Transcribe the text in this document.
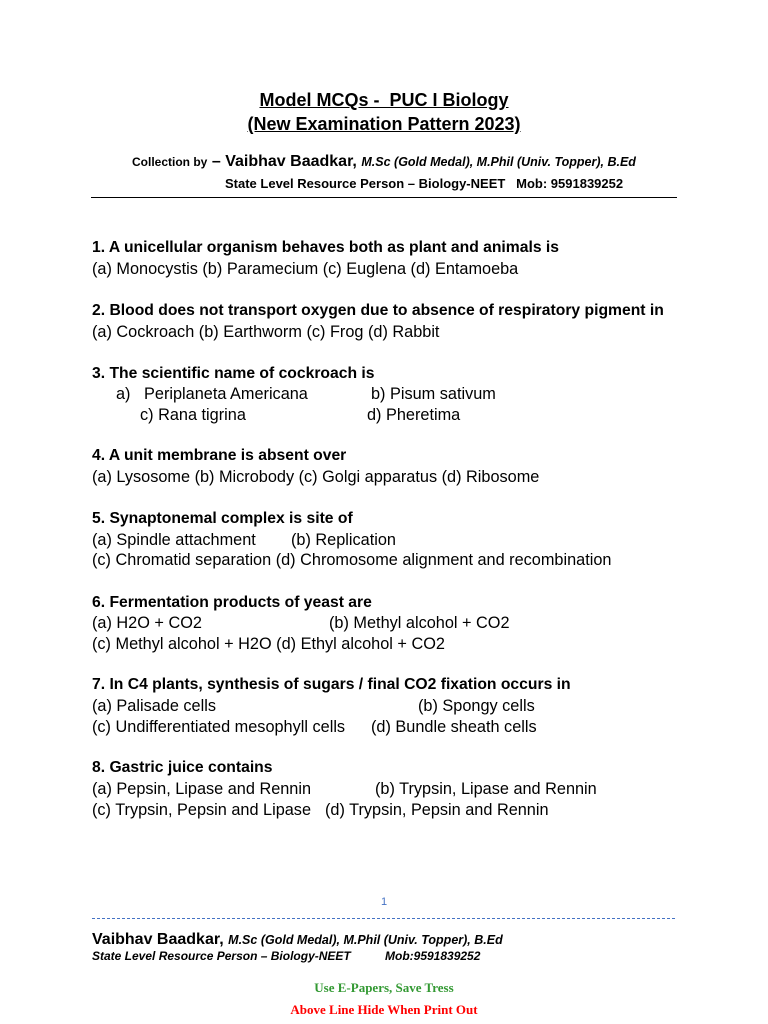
Model MCQs -  PUC I Biology
(New Examination Pattern 2023)
Collection by – Vaibhav Baadkar, M.Sc (Gold Medal), M.Phil (Univ. Topper), B.Ed
State Level Resource Person – Biology-NEET   Mob: 9591839252
1. A unicellular organism behaves both as plant and animals is
(a) Monocystis (b) Paramecium (c) Euglena (d) Entamoeba
2. Blood does not transport oxygen due to absence of respiratory pigment in
(a) Cockroach (b) Earthworm (c) Frog (d) Rabbit
3. The scientific name of cockroach is
a)   Periplaneta Americana	b) Pisum sativum
c) Rana tigrina	d) Pheretima
4. A unit membrane is absent over
(a) Lysosome (b) Microbody (c) Golgi apparatus (d) Ribosome
5. Synaptonemal complex is site of
(a) Spindle attachment (b) Replication
(c) Chromatid separation (d) Chromosome alignment and recombination
6. Fermentation products of yeast are
(a) H2O + CO2	(b) Methyl alcohol + CO2
(c) Methyl alcohol + H2O (d) Ethyl alcohol + CO2
7. In C4 plants, synthesis of sugars / final CO2 fixation occurs in
(a) Palisade cells	(b) Spongy cells
(c) Undifferentiated mesophyll cells (d) Bundle sheath cells
8. Gastric juice contains
(a) Pepsin, Lipase and Rennin	(b) Trypsin, Lipase and Rennin
(c) Trypsin, Pepsin and Lipase (d) Trypsin, Pepsin and Rennin
1
Vaibhav Baadkar, M.Sc (Gold Medal), M.Phil (Univ. Topper), B.Ed
State Level Resource Person – Biology-NEET	Mob:9591839252
Use E-Papers, Save Tress
Above Line Hide When Print Out
